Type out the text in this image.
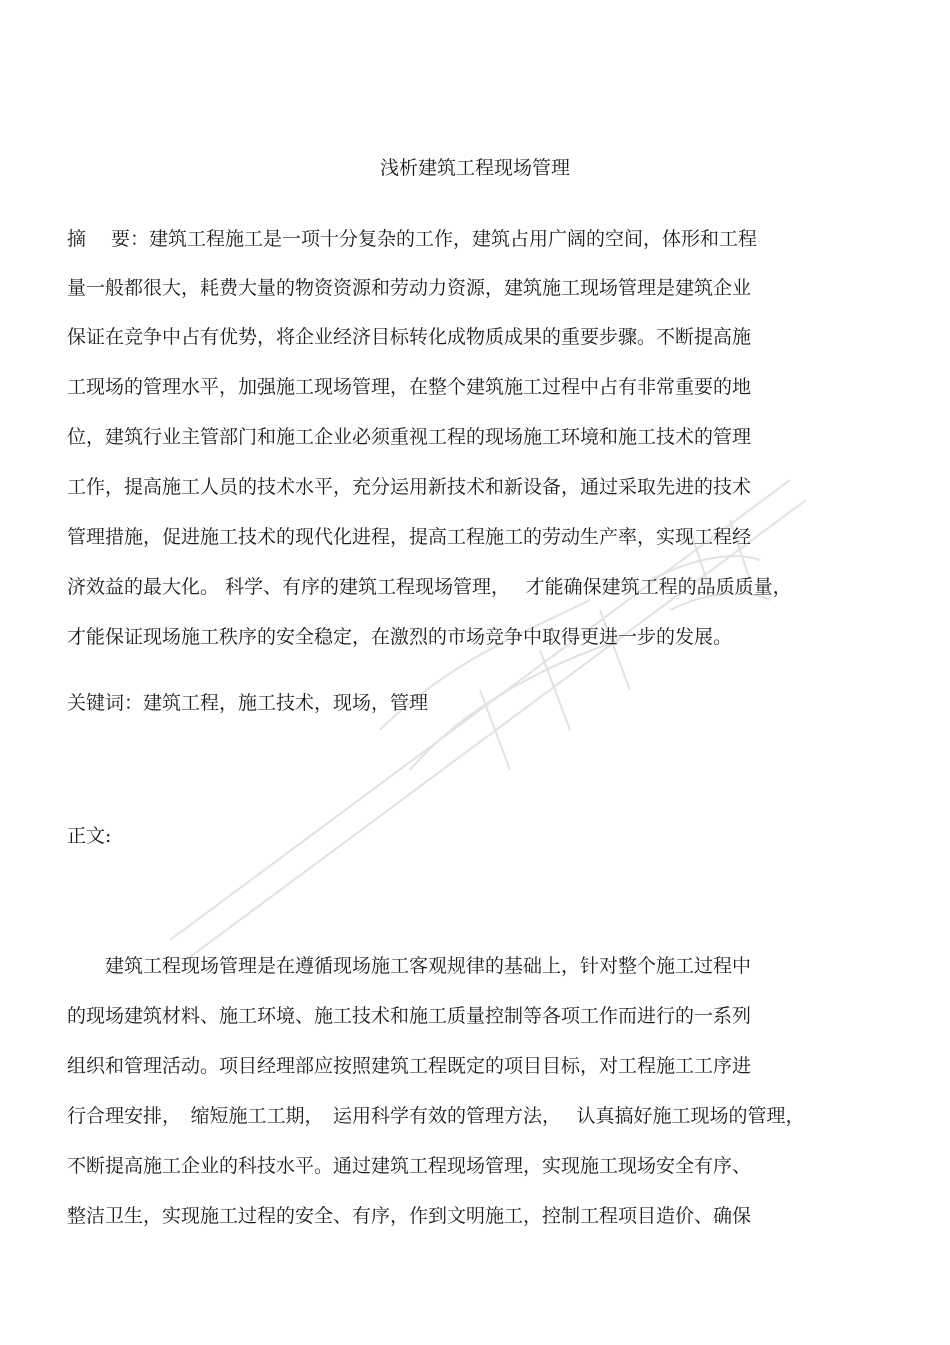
浅析建筑工程现场管理
摘　 要：建筑工程施工是一项十分复杂的工作，建筑占用广阔的空间，体形和工程
量一般都很大，耗费大量的物资资源和劳动力资源，建筑施工现场管理是建筑企业
保证在竞争中占有优势，将企业经济目标转化成物质成果的重要步骤。不断提高施
工现场的管理水平，加强施工现场管理，在整个建筑施工过程中占有非常重要的地
位，建筑行业主管部门和施工企业必须重视工程的现场施工环境和施工技术的管理
工作，提高施工人员的技术水平，充分运用新技术和新设备，通过采取先进的技术
管理措施，促进施工技术的现代化进程，提高工程施工的劳动生产率，实现工程经
济效益的最大化。 科学、有序的建筑工程现场管理，　 才能确保建筑工程的品质质量，
才能保证现场施工秩序的安全稳定，在激烈的市场竞争中取得更进一步的发展。
关键词：建筑工程，施工技术，现场，管理
正文:
　　建筑工程现场管理是在遵循现场施工客观规律的基础上，针对整个施工过程中
的现场建筑材料、施工环境、施工技术和施工质量控制等各项工作而进行的一系列
组织和管理活动。项目经理部应按照建筑工程既定的项目目标，对工程施工工序进
行合理安排，　缩短施工工期，　运用科学有效的管理方法，　 认真搞好施工现场的管理，
不断提高施工企业的科技水平。通过建筑工程现场管理，实现施工现场安全有序、
整洁卫生，实现施工过程的安全、有序，作到文明施工，控制工程项目造价、确保
